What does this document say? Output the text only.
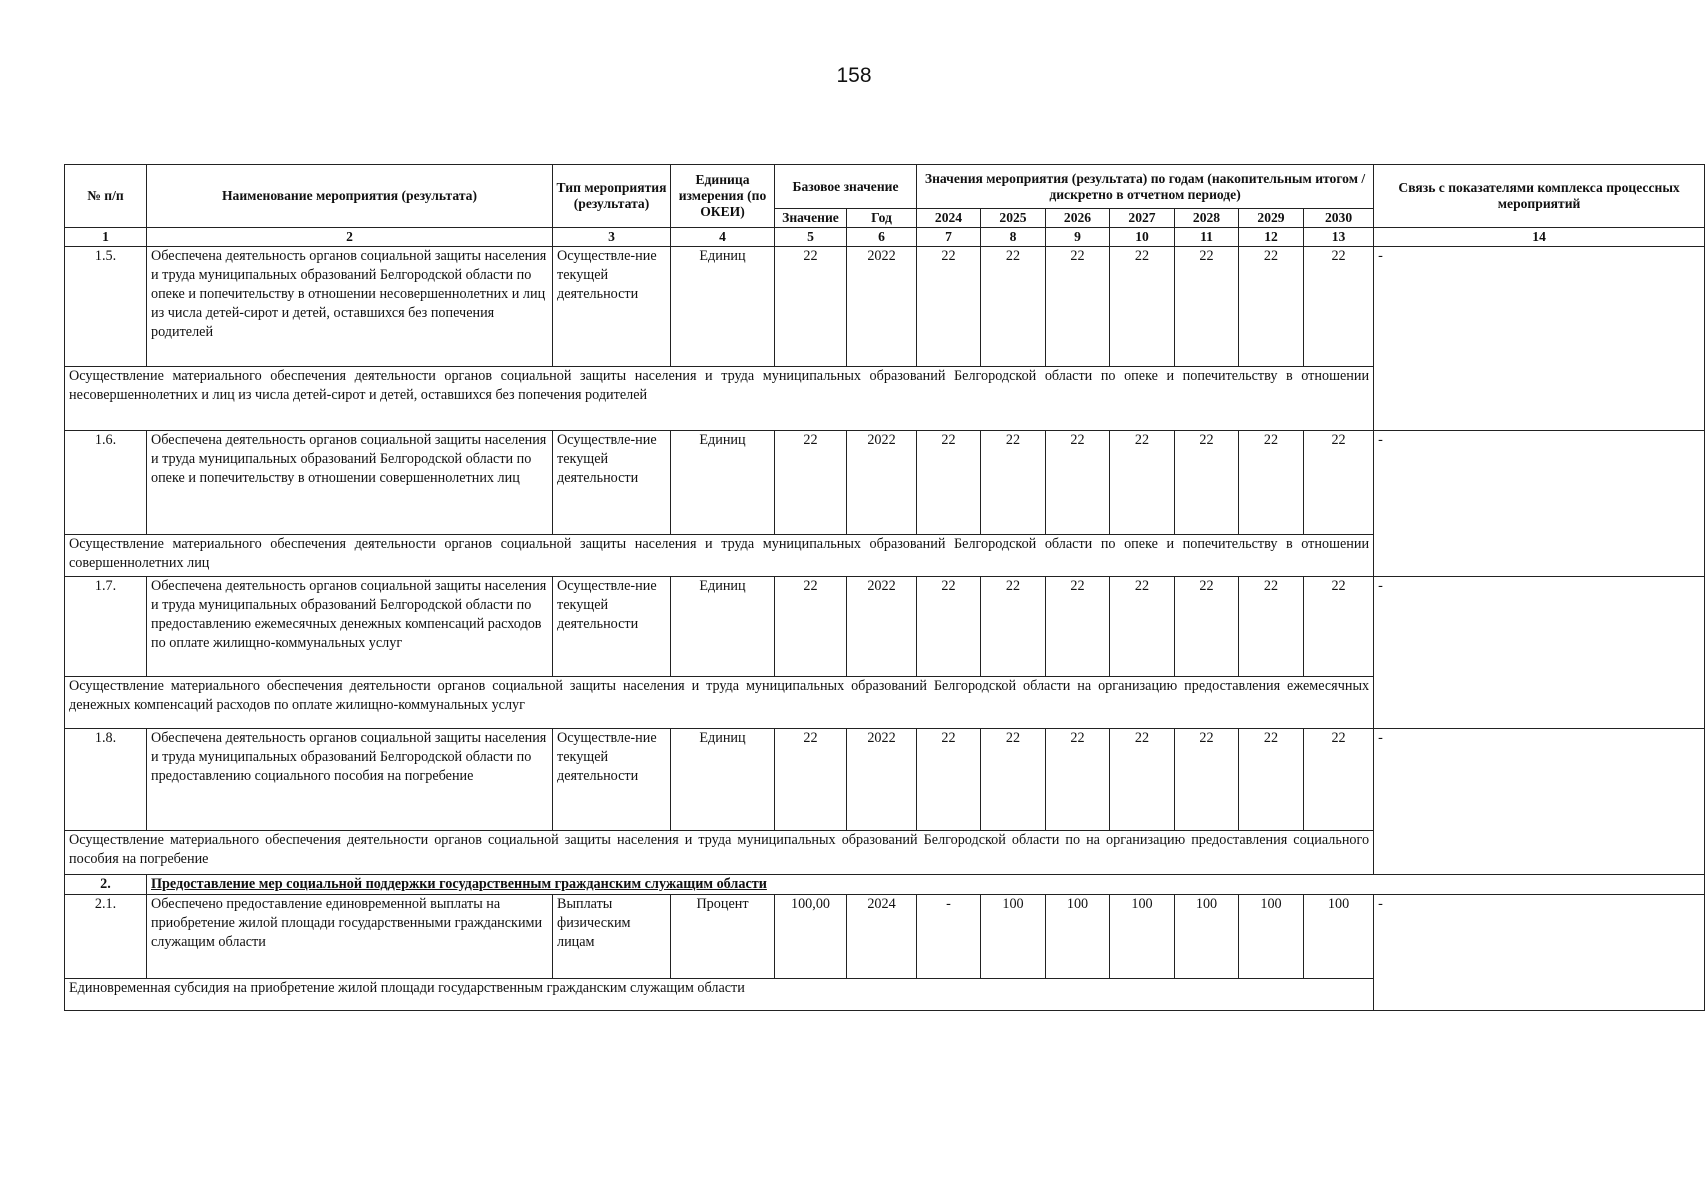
158
№ п/п	Наименование мероприятия (результата)	Тип мероприятия (результата)	Единица измерения (по ОКЕИ)	Базовое значение		Значения мероприятия (результата) по годам (накопительным итогом / дискретно в отчетном периоде)							Связь с показателями комплекса процессных мероприятий
				Значение	Год	2024	2025	2026	2027	2028	2029	2030	
1	2	3	4	5	6	7	8	9	10	11	12	13	14
1.5.	Обеспечена деятельность органов социальной защиты населения и труда муниципальных образований Белгородской области по опеке и попечительству в отношении несовершеннолетних и лиц из числа детей-сирот и детей, оставшихся без попечения родителей	Осуществле-ние текущей деятельности	Единиц	22	2022	22	22	22	22	22	22	22	-
Осуществление материального обеспечения деятельности органов социальной защиты населения и труда муниципальных образований Белгородской области по опеке и попечительству в отношении несовершеннолетних и лиц из числа детей-сирот и детей, оставшихся без попечения родителей													
1.6.	Обеспечена деятельность органов социальной защиты населения и труда муниципальных образований Белгородской области по опеке и попечительству в отношении совершеннолетних лиц	Осуществле-ние текущей деятельности	Единиц	22	2022	22	22	22	22	22	22	22	-
Осуществление материального обеспечения деятельности органов социальной защиты населения и труда муниципальных образований Белгородской области по опеке и попечительству в отношении совершеннолетних лиц													
1.7.	Обеспечена деятельность органов социальной защиты населения и труда муниципальных образований Белгородской области по предоставлению ежемесячных денежных компенсаций расходов по оплате жилищно-коммунальных услуг	Осуществле-ние текущей деятельности	Единиц	22	2022	22	22	22	22	22	22	22	-
Осуществление материального обеспечения деятельности органов социальной защиты населения и труда муниципальных образований Белгородской области на организацию предоставления ежемесячных денежных компенсаций расходов по оплате жилищно-коммунальных услуг													
1.8.	Обеспечена деятельность органов социальной защиты населения и труда муниципальных образований Белгородской области по предоставлению социального пособия на погребение	Осуществле-ние текущей деятельности	Единиц	22	2022	22	22	22	22	22	22	22	-
Осуществление материального обеспечения деятельности органов социальной защиты населения и труда муниципальных образований Белгородской области по на организацию предоставления социального пособия на погребение													
2.	Предоставление мер социальной поддержки государственным гражданским служащим области												
2.1.	Обеспечено предоставление единовременной выплаты на приобретение жилой площади государственными гражданскими служащим области	Выплаты физическим лицам	Процент	100,00	2024	-	100	100	100	100	100	100	-
Единовременная субсидия на приобретение жилой площади государственным гражданским служащим области													
